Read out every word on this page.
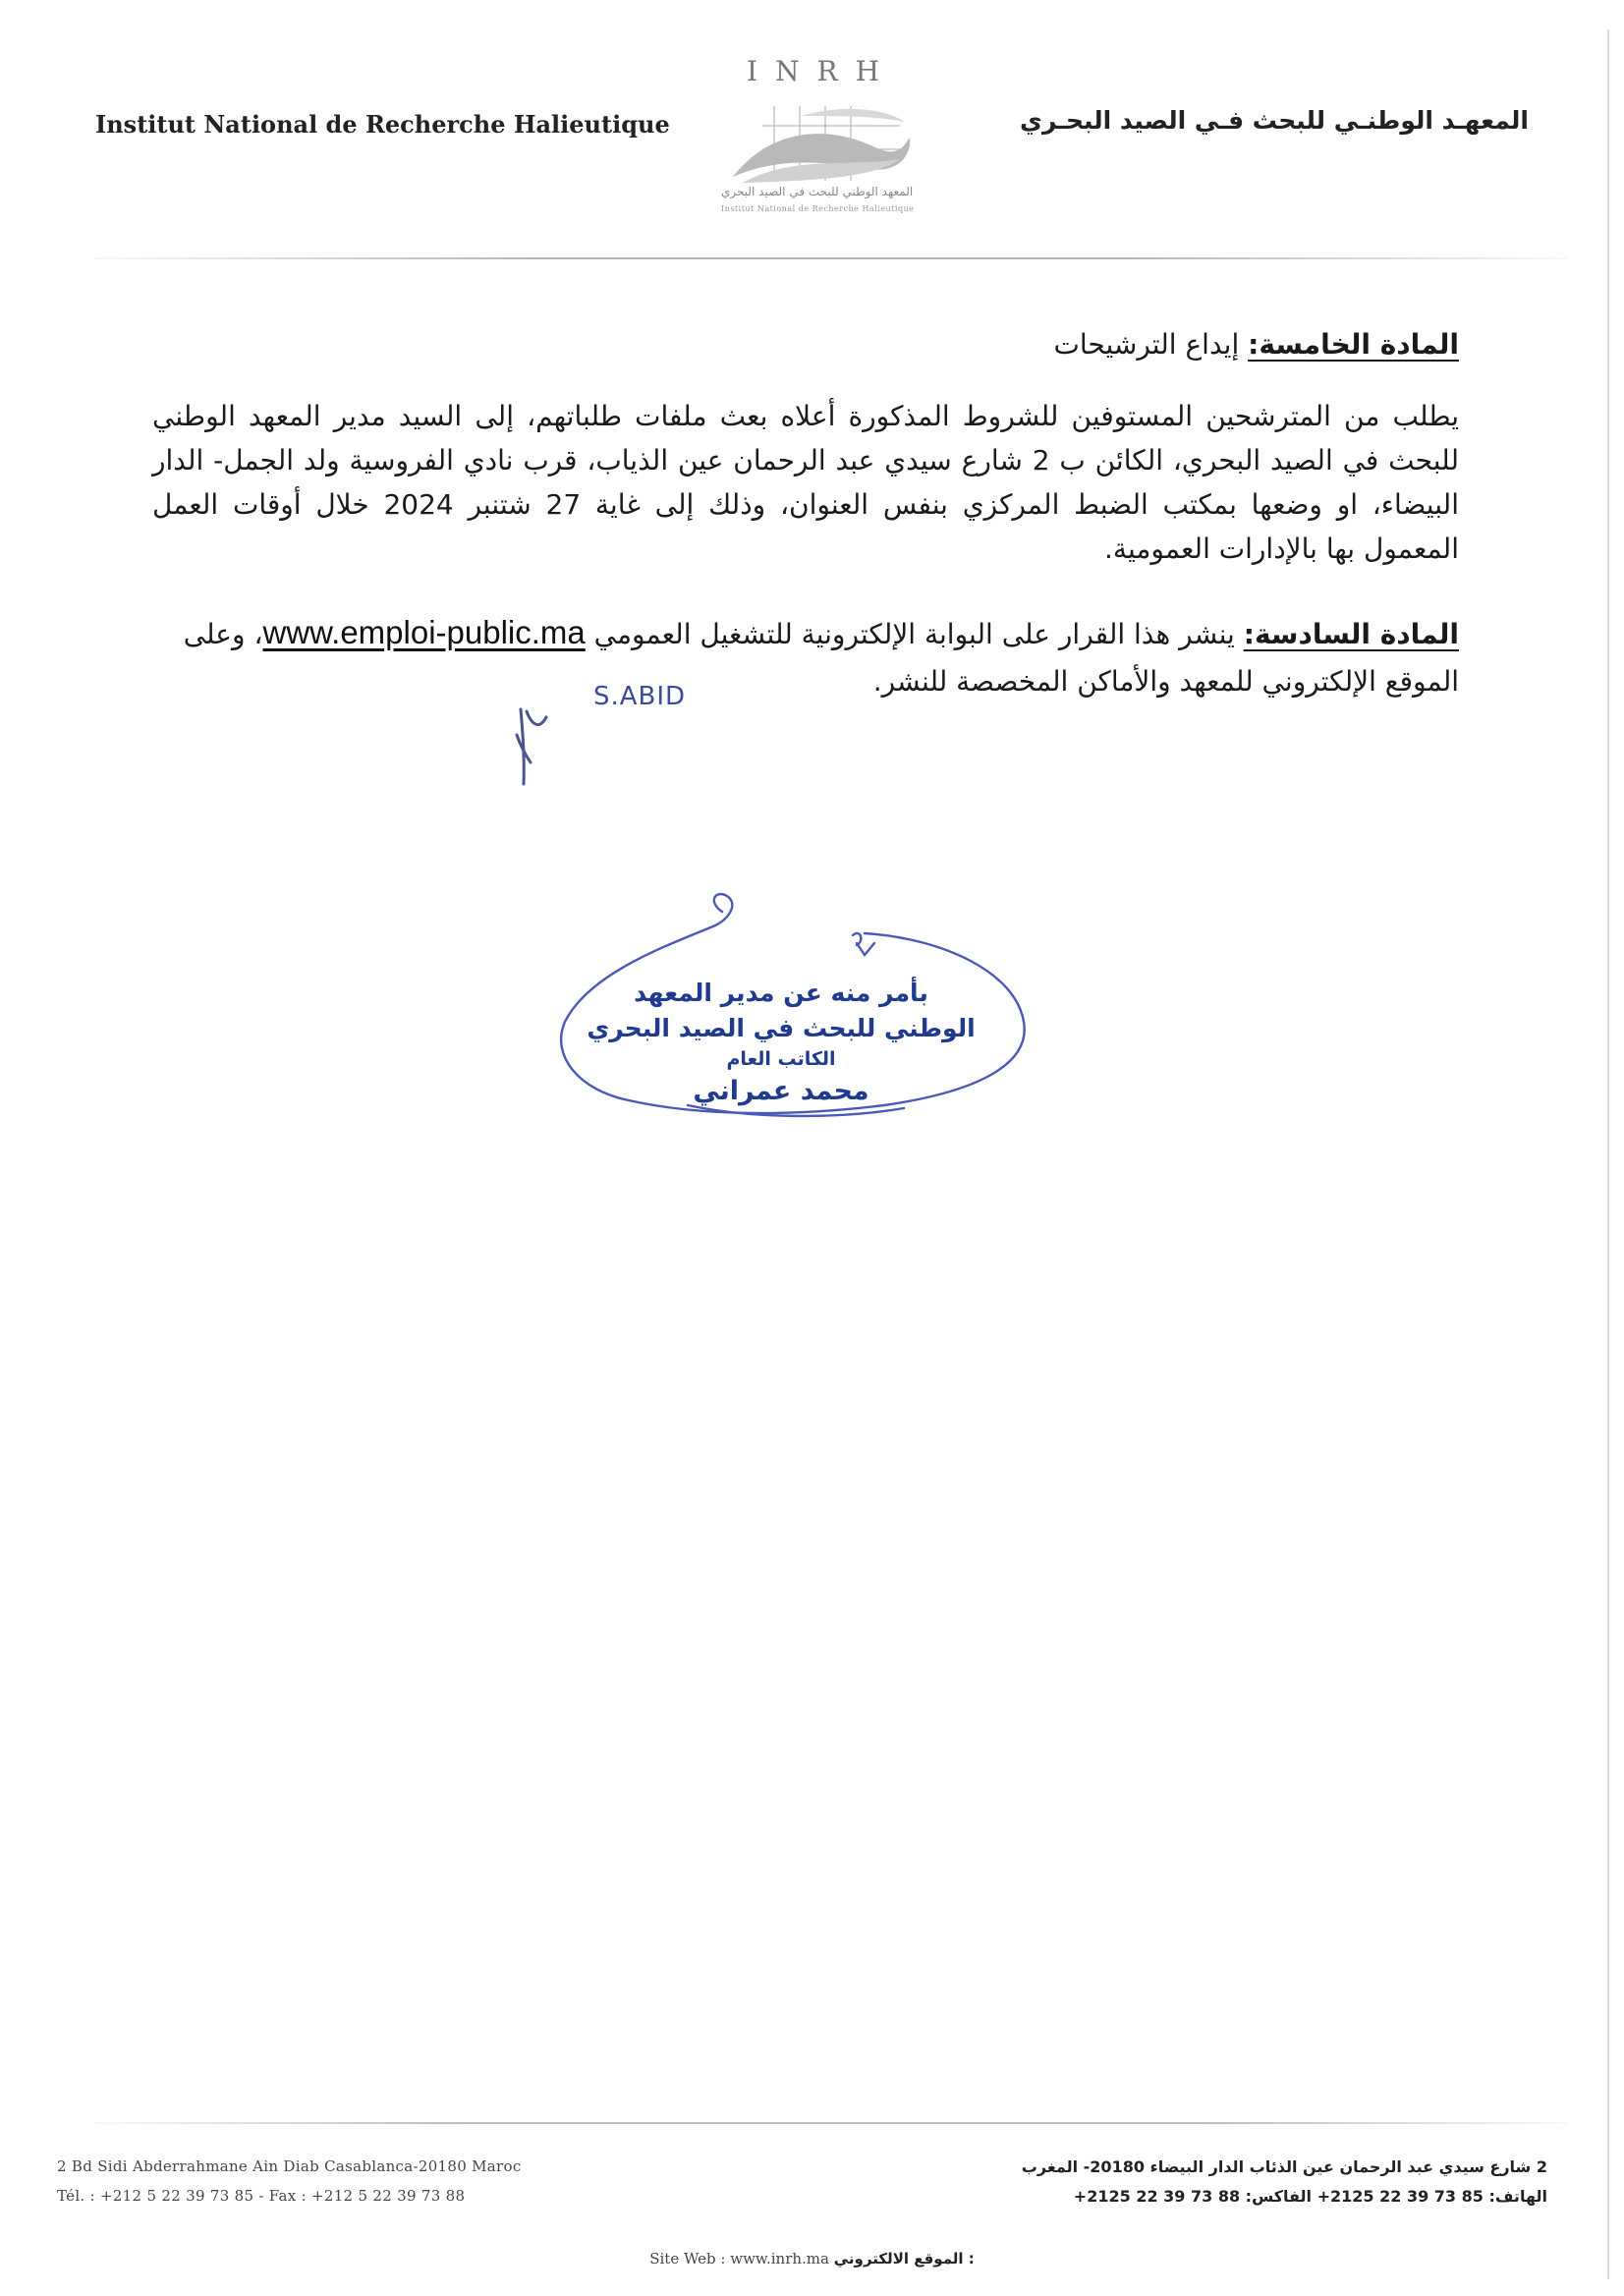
Institut National de Recherche Halieutique
INRH
المعهد الوطني للبحث في الصيد البحري
Institut National de Recherche Halieutique
المعهـد الوطنـي للبحث فـي الصيد البحـري
المادة الخامسة: إيداع الترشيحات
يطلب من المترشحين المستوفين للشروط المذكورة أعلاه بعث ملفات طلباتهم، إلى السيد مدير المعهد الوطني للبحث في الصيد البحري، الكائن ب 2 شارع سيدي عبد الرحمان عين الذياب، قرب نادي الفروسية ولد الجمل- الدار البيضاء، او وضعها بمكتب الضبط المركزي بنفس العنوان، وذلك إلى غاية 27 شتنبر 2024 خلال أوقات العمل المعمول بها بالإدارات العمومية.
المادة السادسة: ينشر هذا القرار على البوابة الإلكترونية للتشغيل العمومي www.emploi-public.ma، وعلى الموقع الإلكتروني للمعهد والأماكن المخصصة للنشر.
S.ABID
بأمر منه عن مدير المعهد
الوطني للبحث في الصيد البحري
الكاتب العام
محمد عمراني
2 Bd Sidi Abderrahmane Ain Diab Casablanca-20180 Maroc
Tél. : +212 5 22 39 73 85 - Fax : +212 5 22 39 73 88
2 شارع سيدي عبد الرحمان عين الذئاب الدار البيضاء 20180- المغرب
الهاتف: 85 73 39 22 2125+ الفاكس: 88 73 39 22 2125+
Site Web : www.inrh.ma الموقع الالكتروني :
